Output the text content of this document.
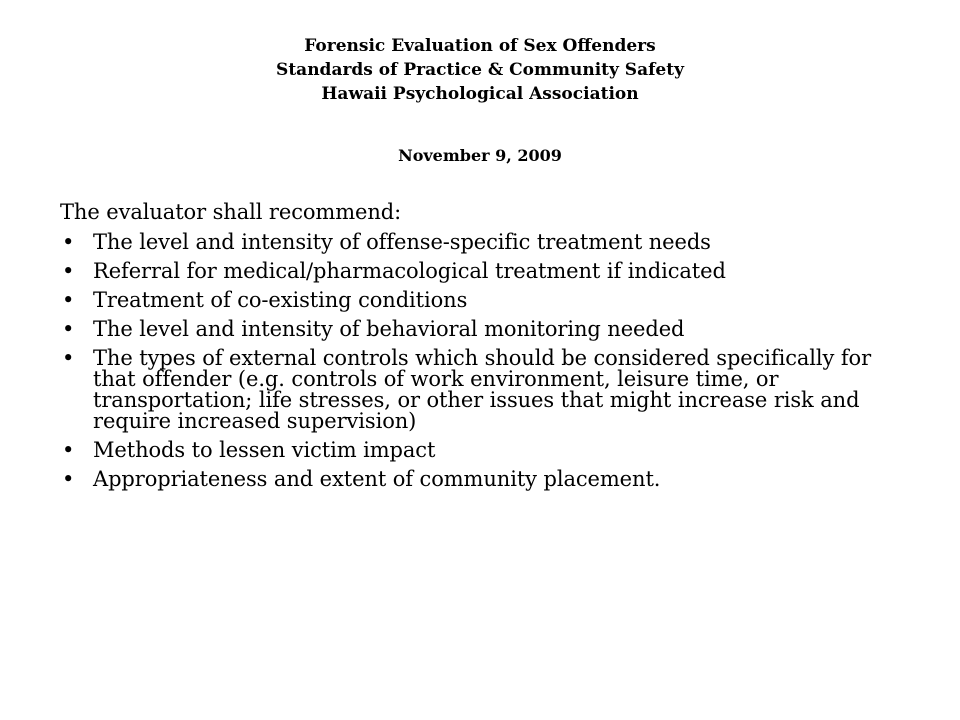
Forensic Evaluation of Sex Offenders
Standards of Practice & Community Safety
Hawaii Psychological Association
November 9, 2009
The evaluator shall recommend:
• The level and intensity of offense-specific treatment needs
• Referral for medical/pharmacological treatment if indicated
• Treatment of co-existing conditions
• The level and intensity of behavioral monitoring needed
• The types of external controls which should be considered specifically for that offender (e.g. controls of work environment, leisure time, or transportation; life stresses, or other issues that might increase risk and require increased supervision)
• Methods to lessen victim impact
• Appropriateness and extent of community placement.
